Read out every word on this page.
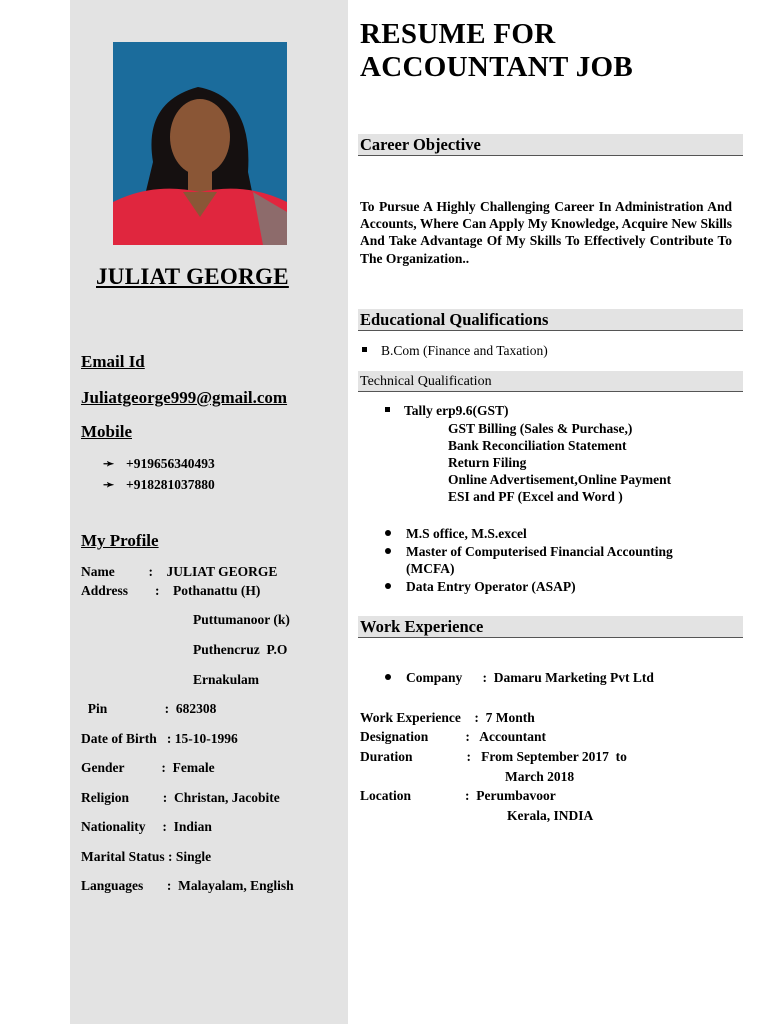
JULIAT GEORGE
Email Id
Juliatgeorge999@gmail.com
Mobile
➛ +919656340493
➛ +918281037880
My Profile
Name          :    JULIAT GEORGE
Address        :    Pothanattu (H)
Puttumanoor (k)
Puthencruz  P.O
Ernakulam
Pin                 :  682308
Date of Birth   : 15-10-1996
Gender           :  Female
Religion          :  Christan, Jacobite
Nationality     :  Indian
Marital Status : Single
Languages       :  Malayalam, English
RESUME FOR
ACCOUNTANT JOB
Career Objective
To Pursue A Highly Challenging Career In Administration And Accounts, Where Can Apply My Knowledge, Acquire New Skills And Take Advantage Of My Skills To Effectively Contribute To The Organization..
Educational Qualifications
B.Com (Finance and Taxation)
Technical Qualification
Tally erp9.6(GST)
GST Billing (Sales & Purchase,)
Bank Reconciliation Statement
Return Filing
Online Advertisement,Online Payment
ESI and PF (Excel and Word )
M.S office, M.S.excel
Master of Computerised Financial Accounting
(MCFA)
Data Entry Operator (ASAP)
Work Experience
Company      :  Damaru Marketing Pvt Ltd
Work Experience    :  7 Month
Designation           :   Accountant
Duration                :   From September 2017  to
March 2018
Location                :  Perumbavoor
Kerala, INDIA
